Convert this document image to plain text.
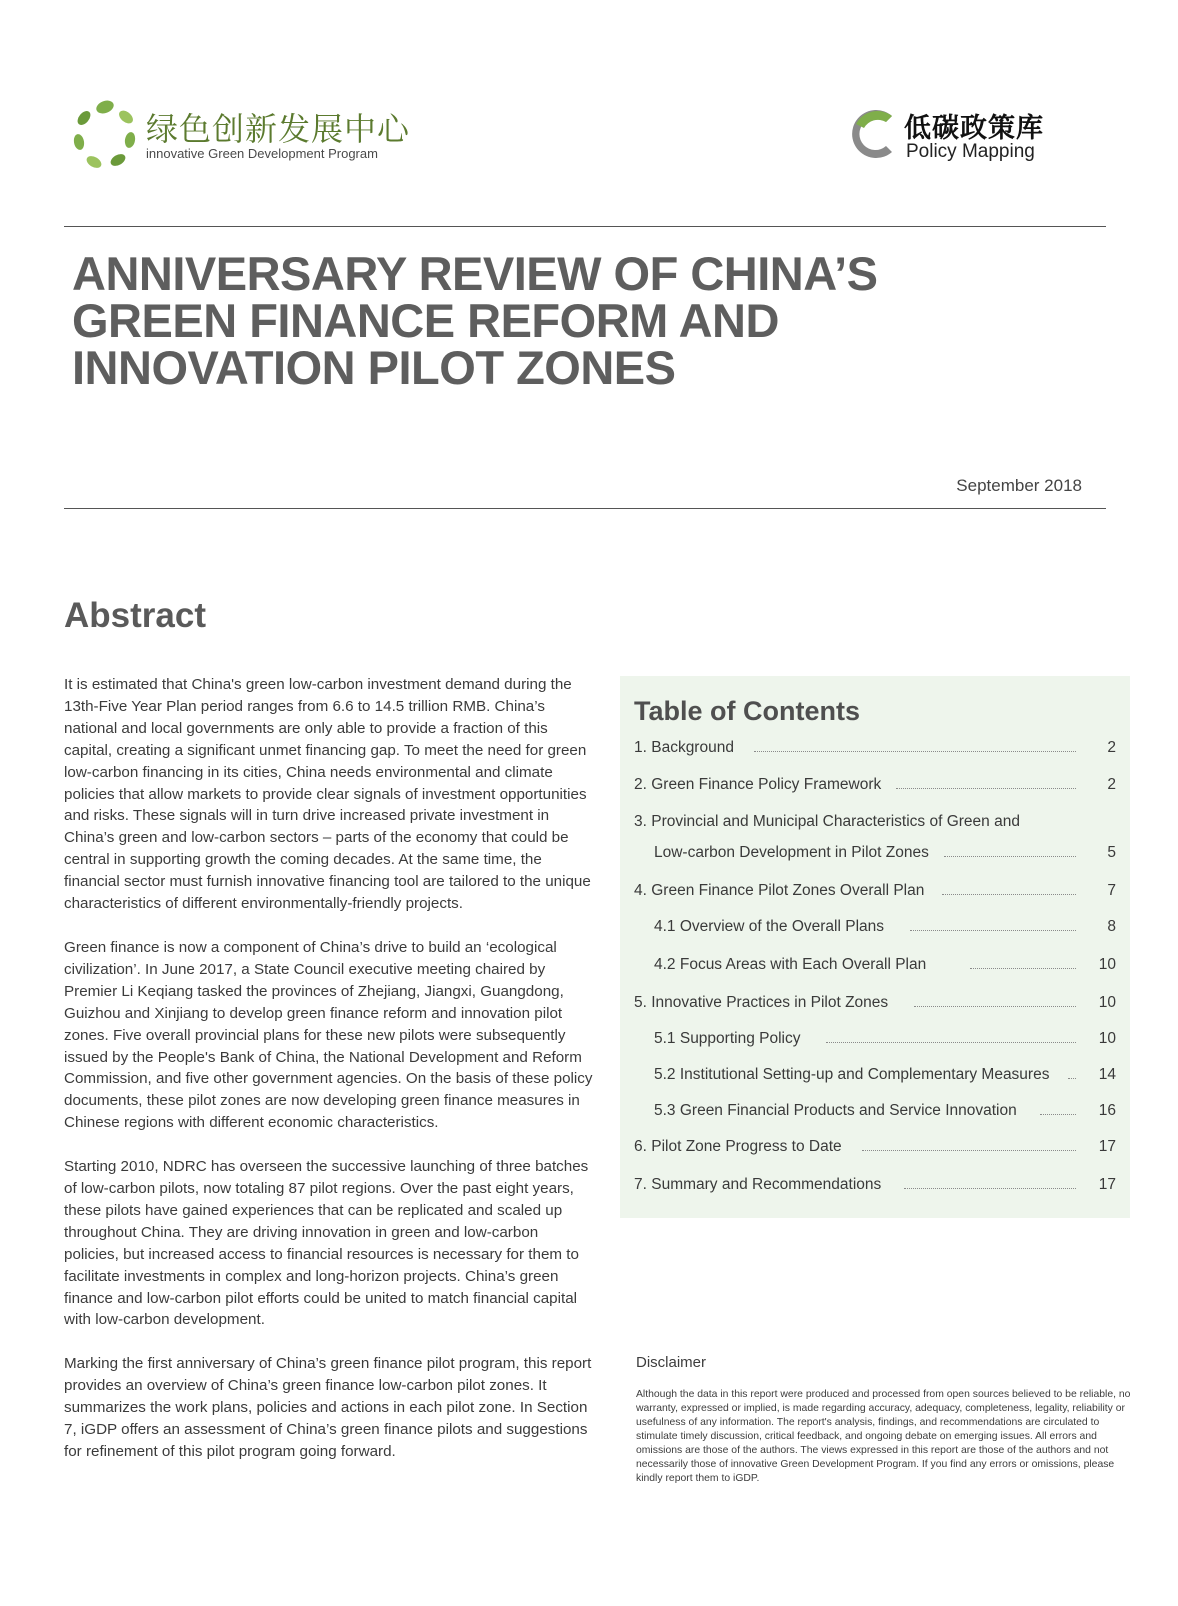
绿色创新发展中心
innovative Green Development Program
低碳政策库
Policy Mapping
ANNIVERSARY REVIEW OF CHINA’S
GREEN FINANCE REFORM AND
INNOVATION PILOT ZONES
September 2018
Abstract

It is estimated that China's green low-carbon investment demand during the 13th-Five Year Plan period ranges from 6.6 to 14.5 trillion RMB. China’s national and local governments are only able to provide a fraction of this capital, creating a significant unmet financing gap. To meet the need for green low-carbon financing in its cities, China needs environmental and climate policies that allow markets to provide clear signals of investment opportunities and risks. These signals will in turn drive increased private investment in China’s green and low-carbon sectors – parts of the economy that could be central in supporting growth the coming decades. At the same time, the financial sector must furnish innovative financing tool are tailored to the unique characteristics of different environmentally-friendly projects.

Green finance is now a component of China’s drive to build an ‘ecological civilization’. In June 2017, a State Council executive meeting chaired by Premier Li Keqiang tasked the provinces of Zhejiang, Jiangxi, Guangdong, Guizhou and Xinjiang to develop green finance reform and innovation pilot zones. Five overall provincial plans for these new pilots were subsequently issued by the People's Bank of China, the National Development and Reform Commission, and five other government agencies. On the basis of these policy documents, these pilot zones are now developing green finance measures in Chinese regions with different economic characteristics.

Starting 2010, NDRC has overseen the successive launching of three batches of low-carbon pilots, now totaling 87 pilot regions. Over the past eight years, these pilots have gained experiences that can be replicated and scaled up throughout China. They are driving innovation in green and low-carbon policies, but increased access to financial resources is necessary for them to facilitate investments in complex and long-horizon projects. China’s green finance and low-carbon pilot efforts could be united to match financial capital with low-carbon development.

Marking the first anniversary of China’s green finance pilot program, this report provides an overview of China’s green finance low-carbon pilot zones. It summarizes the work plans, policies and actions in each pilot zone. In Section 7, iGDP offers an assessment of China’s green finance pilots and suggestions for refinement of this pilot program going forward.

Table of Contents
1. Background	2
2. Green Finance Policy Framework	2
3. Provincial and Municipal Characteristics of Green and
Low-carbon Development in Pilot Zones	5
4. Green Finance Pilot Zones Overall Plan	7
4.1 Overview of the Overall Plans	8
4.2 Focus Areas with Each Overall Plan	10
5. Innovative Practices in Pilot Zones	10
5.1 Supporting Policy	10
5.2 Institutional Setting-up and Complementary Measures	14
5.3 Green Financial Products and Service Innovation	16
6. Pilot Zone Progress to Date	17
7. Summary and Recommendations	17
Disclaimer

Although the data in this report were produced and processed from open sources believed to be reliable, no warranty, expressed or implied, is made regarding accuracy, adequacy, completeness, legality, reliability or usefulness of any information. The report's analysis, findings, and recommendations are circulated to stimulate timely discussion, critical feedback, and ongoing debate on emerging issues. All errors and omissions are those of the authors. The views expressed in this report are those of the authors and not necessarily those of innovative Green Development Program. If you find any errors or omissions, please kindly report them to iGDP.
